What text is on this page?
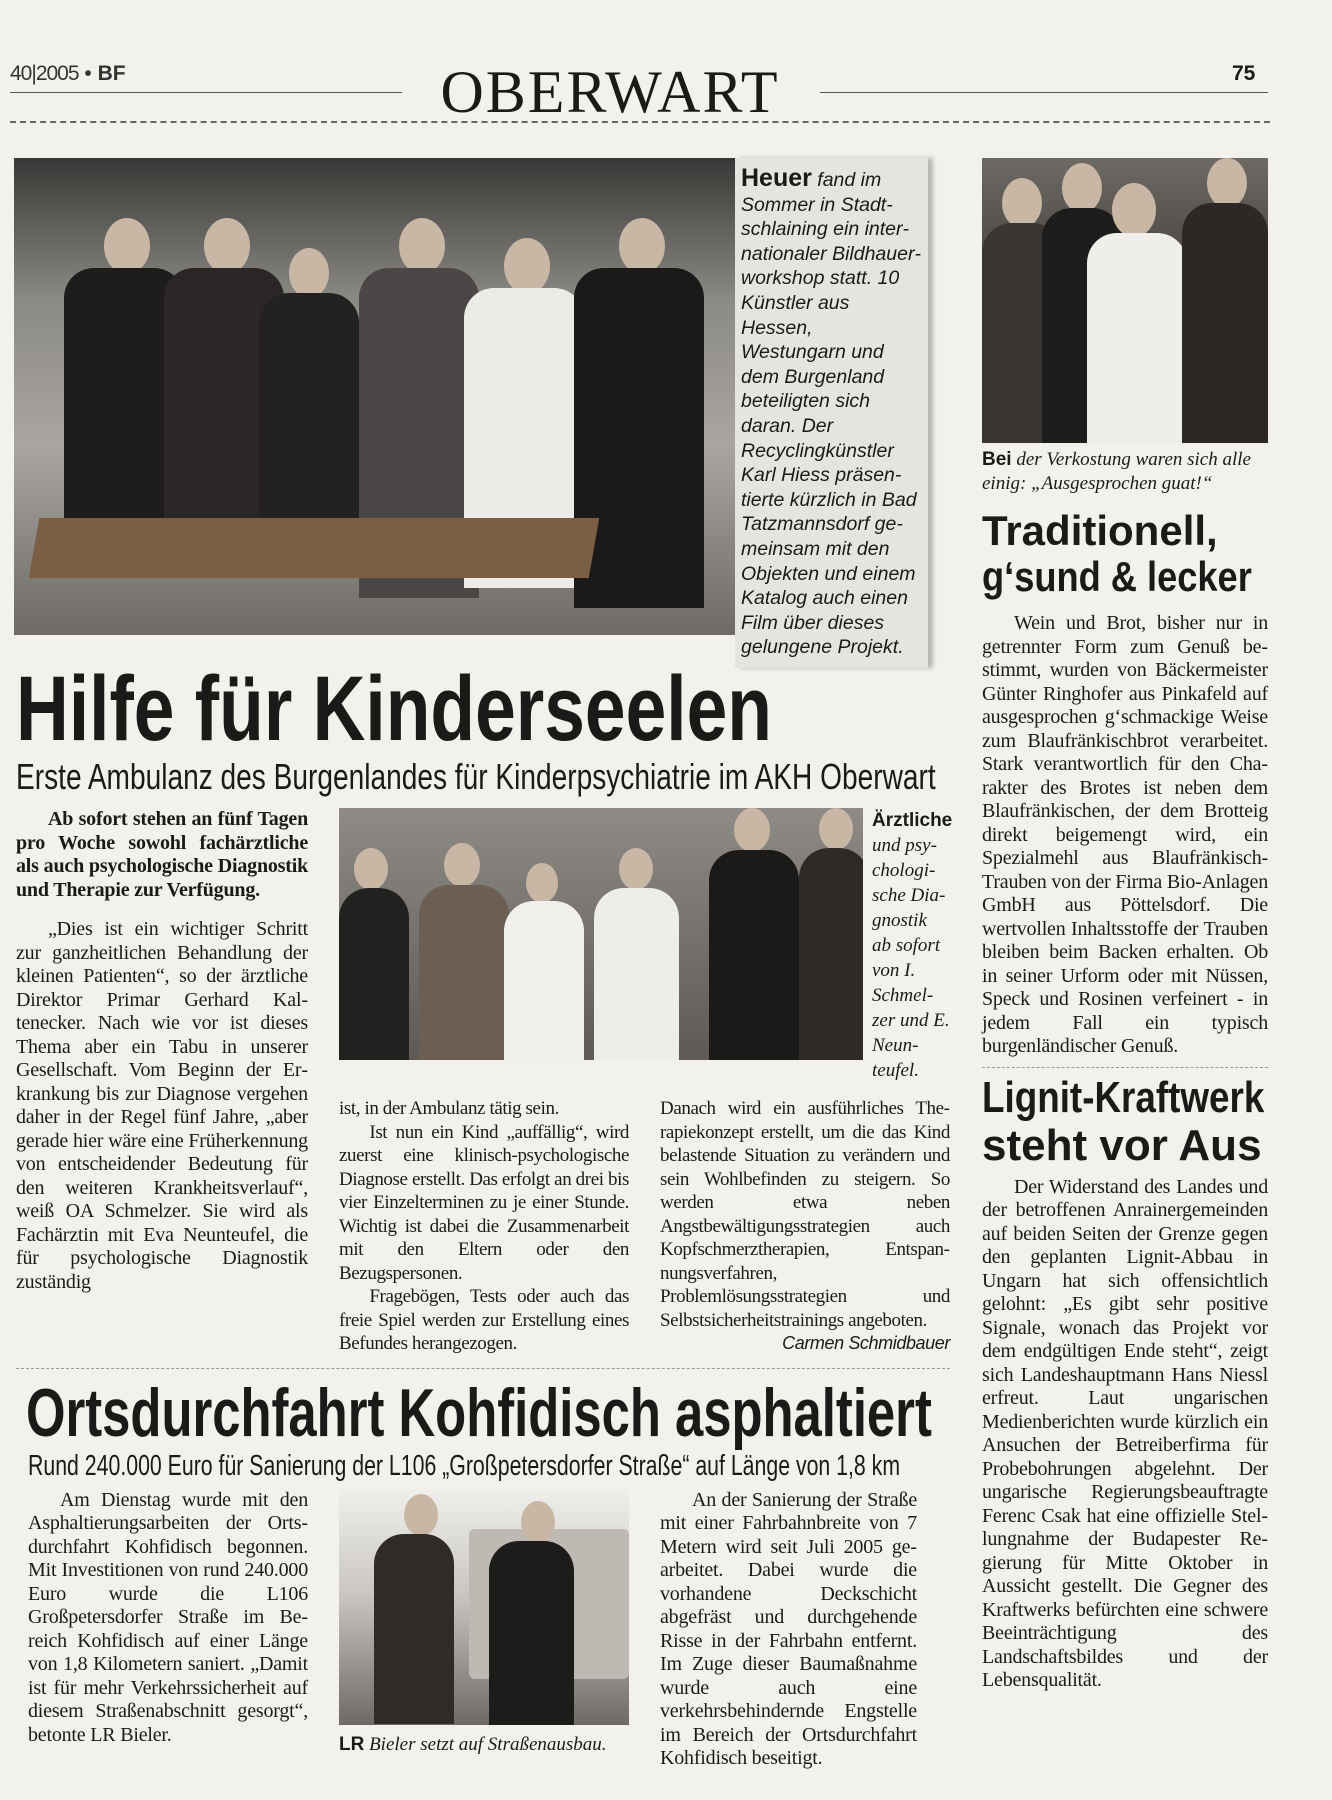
40|2005 • BF	OBERWART	75
Heuer fand im Sommer in Stadtschlaining ein internationaler Bildhauerworkshop statt. 10 Künstler aus Hessen, Westungarn und dem Burgenland beteiligten sich daran. Der Recyclingkünstler Karl Hiess präsentierte kürzlich in Bad Tatzmannsdorf gemeinsam mit den Objekten und einem Katalog auch einen Film über dieses gelungene Projekt.
Bei der Verkostung waren sich alle einig: „Ausgesprochen guat!“
Traditionell,
g‘sund & lecker

Wein und Brot, bisher nur in getrennter Form zum Genuß bestimmt, wurden von Bäckermeister Günter Ringhofer aus Pinkafeld auf ausgesprochen g‘schmackige Weise zum Blaufränkischbrot verarbeitet. Stark verantwortlich für den Charakter des Brotes ist neben dem Blaufränkischen, der dem Brotteig direkt beigemengt wird, ein Spezialmehl aus Blaufränkisch-Trauben von der Firma Bio-Anlagen GmbH aus Pöttelsdorf. Die wertvollen Inhaltsstoffe der Trauben bleiben beim Backen erhalten. Ob in seiner Urform oder mit Nüssen, Speck und Rosinen verfeinert - in jedem Fall ein typisch burgenländischer Genuß.

Lignit-Kraftwerk
steht vor Aus

Der Widerstand des Landes und der betroffenen Anrainergemeinden auf beiden Seiten der Grenze gegen den geplanten Lignit-Abbau in Ungarn hat sich offensichtlich gelohnt: „Es gibt sehr positive Signale, wonach das Projekt vor dem endgültigen Ende steht“, zeigt sich Landeshauptmann Hans Niessl erfreut. Laut ungarischen Medienberichten wurde kürzlich ein Ansuchen der Betreiberfirma für Probebohrungen abgelehnt. Der ungarische Regierungsbeauftragte Ferenc Csak hat eine offizielle Stellungnahme der Budapester Regierung für Mitte Oktober in Aussicht gestellt. Die Gegner des Kraftwerks befürchten eine schwere Beeinträchtigung des Landschaftsbildes und der Lebensqualität.

Hilfe für Kinderseelen
Erste Ambulanz des Burgenlandes für Kinderpsychiatrie im AKH Oberwart

Ab sofort stehen an fünf Tagen pro Woche sowohl fachärztliche als auch psychologische Diagnostik und Therapie zur Verfügung.

„Dies ist ein wichtiger Schritt zur ganzheitlichen Behandlung der kleinen Patienten“, so der ärztliche Direktor Primar Gerhard Kaltenecker. Nach wie vor ist dieses Thema aber ein Tabu in unserer Gesellschaft. Vom Beginn der Erkrankung bis zur Diagnose vergehen daher in der Regel fünf Jahre, „aber gerade hier wäre eine Früherkennung von entscheidender Bedeutung für den weiteren Krankheitsverlauf“, weiß OA Schmelzer. Sie wird als Fachärztin mit Eva Neunteufel, die für psychologische Diagnostik zuständig

Ärztliche und psychologische Diagnostik ab sofort von I. Schmelzer und E. Neunteufel.

ist, in der Ambulanz tätig sein.

Ist nun ein Kind „auffällig“, wird zuerst eine klinisch-psychologische Diagnose erstellt. Das erfolgt an drei bis vier Einzelterminen zu je einer Stunde. Wichtig ist dabei die Zusammenarbeit mit den Eltern oder den Bezugspersonen.

Fragebögen, Tests oder auch das freie Spiel werden zur Erstellung eines Befundes herangezogen.

Danach wird ein ausführliches Therapiekonzept erstellt, um die das Kind belastende Situation zu verändern und sein Wohlbefinden zu steigern. So werden etwa neben Angstbewältigungsstrategien auch Kopfschmerztherapien, Entspannungsverfahren, Problemlösungsstrategien und Selbstsicherheitstrainings angeboten.
Carmen Schmidbauer

Ortsdurchfahrt Kohfidisch asphaltiert
Rund 240.000 Euro für Sanierung der L106 „Großpetersdorfer Straße“ auf Länge von 1,8 km

Am Dienstag wurde mit den Asphaltierungsarbeiten der Ortsdurchfahrt Kohfidisch begonnen. Mit Investitionen von rund 240.000 Euro wurde die L106 Großpetersdorfer Straße im Bereich Kohfidisch auf einer Länge von 1,8 Kilometern saniert. „Damit ist für mehr Verkehrssicherheit auf diesem Straßenabschnitt gesorgt“, betonte LR Bieler.	LR Bieler setzt auf Straßenausbau.

An der Sanierung der Straße mit einer Fahrbahnbreite von 7 Metern wird seit Juli 2005 gearbeitet. Dabei wurde die vorhandene Deckschicht abgefräst und durchgehende Risse in der Fahrbahn entfernt. Im Zuge dieser Baumaßnahme wurde auch eine verkehrsbehindernde Engstelle im Bereich der Ortsdurchfahrt Kohfidisch beseitigt.
